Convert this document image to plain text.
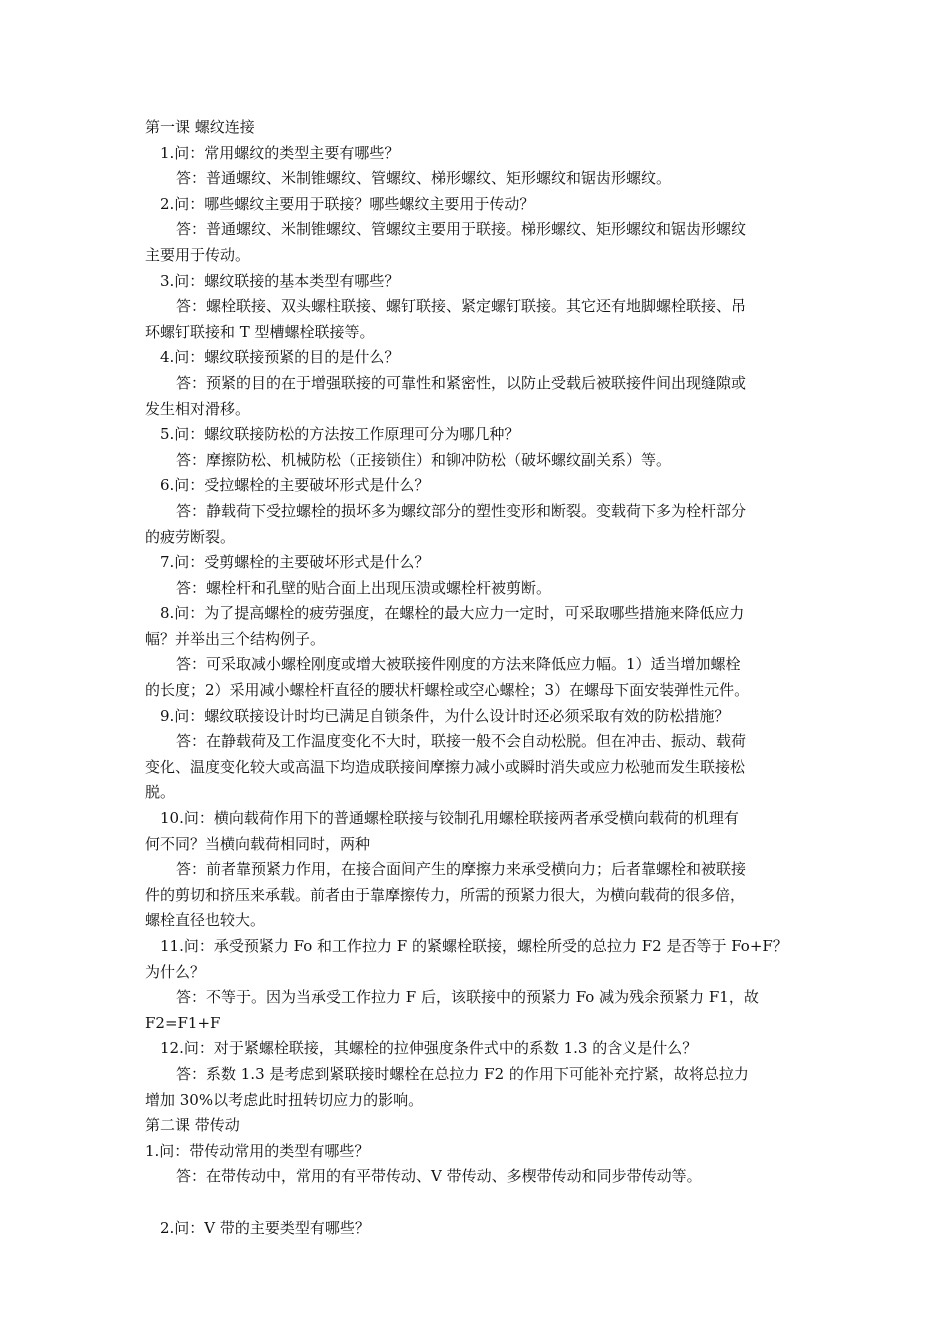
第一课 螺纹连接
1.问：常用螺纹的类型主要有哪些？
答：普通螺纹、米制锥螺纹、管螺纹、梯形螺纹、矩形螺纹和锯齿形螺纹。
2.问：哪些螺纹主要用于联接？哪些螺纹主要用于传动？
答：普通螺纹、米制锥螺纹、管螺纹主要用于联接。梯形螺纹、矩形螺纹和锯齿形螺纹
主要用于传动。
3.问：螺纹联接的基本类型有哪些？
答：螺栓联接、双头螺柱联接、螺钉联接、紧定螺钉联接。其它还有地脚螺栓联接、吊
环螺钉联接和 T 型槽螺栓联接等。
4.问：螺纹联接预紧的目的是什么？
答：预紧的目的在于增强联接的可靠性和紧密性，以防止受载后被联接件间出现缝隙或
发生相对滑移。
5.问：螺纹联接防松的方法按工作原理可分为哪几种？
答：摩擦防松、机械防松（正接锁住）和铆冲防松（破坏螺纹副关系）等。
6.问：受拉螺栓的主要破坏形式是什么？
答：静载荷下受拉螺栓的损坏多为螺纹部分的塑性变形和断裂。变载荷下多为栓杆部分
的疲劳断裂。
7.问：受剪螺栓的主要破坏形式是什么？
答：螺栓杆和孔壁的贴合面上出现压溃或螺栓杆被剪断。
8.问：为了提高螺栓的疲劳强度，在螺栓的最大应力一定时，可采取哪些措施来降低应力
幅？并举出三个结构例子。
答：可采取减小螺栓刚度或增大被联接件刚度的方法来降低应力幅。1）适当增加螺栓
的长度；2）采用减小螺栓杆直径的腰状杆螺栓或空心螺栓；3）在螺母下面安装弹性元件。
9.问：螺纹联接设计时均已满足自锁条件，为什么设计时还必须采取有效的防松措施？
答：在静载荷及工作温度变化不大时，联接一般不会自动松脱。但在冲击、振动、载荷
变化、温度变化较大或高温下均造成联接间摩擦力减小或瞬时消失或应力松驰而发生联接松
脱。
10.问：横向载荷作用下的普通螺栓联接与铰制孔用螺栓联接两者承受横向载荷的机理有
何不同？当横向载荷相同时，两种
答：前者靠预紧力作用，在接合面间产生的摩擦力来承受横向力；后者靠螺栓和被联接
件的剪切和挤压来承载。前者由于靠摩擦传力，所需的预紧力很大，为横向载荷的很多倍，
螺栓直径也较大。
11.问：承受预紧力 Fo 和工作拉力 F 的紧螺栓联接，螺栓所受的总拉力 F2 是否等于 Fo+F？
为什么？
答：不等于。因为当承受工作拉力 F 后，该联接中的预紧力 Fo 减为残余预紧力 F1，故
F2=F1+F
12.问：对于紧螺栓联接，其螺栓的拉伸强度条件式中的系数 1.3 的含义是什么？
答：系数 1.3 是考虑到紧联接时螺栓在总拉力 F2 的作用下可能补充拧紧，故将总拉力
增加 30%以考虑此时扭转切应力的影响。
第二课 带传动
1.问：带传动常用的类型有哪些？
答：在带传动中，常用的有平带传动、V 带传动、多楔带传动和同步带传动等。
2.问：V 带的主要类型有哪些？
